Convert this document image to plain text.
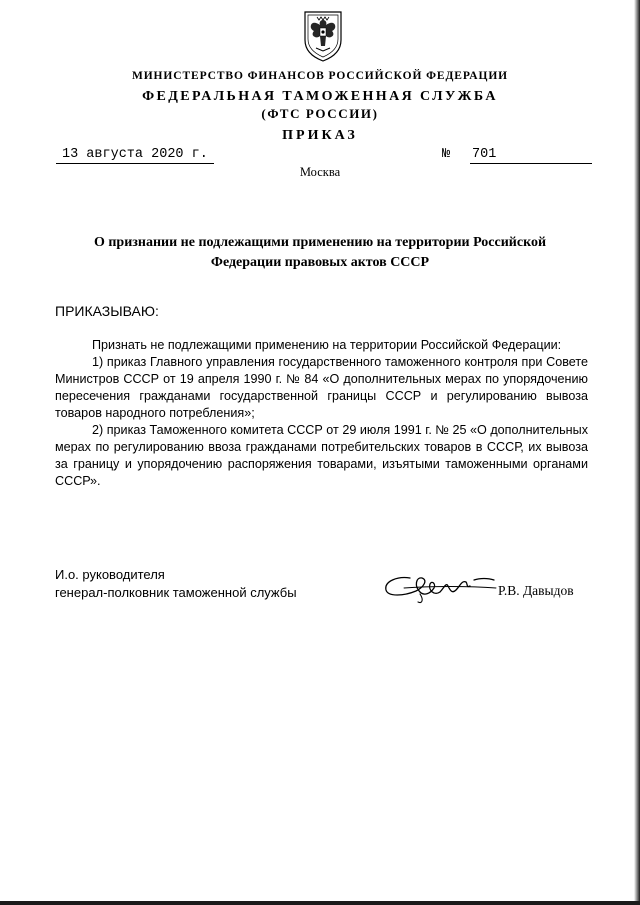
МИНИСТЕРСТВО ФИНАНСОВ РОССИЙСКОЙ ФЕДЕРАЦИИ
ФЕДЕРАЛЬНАЯ ТАМОЖЕННАЯ СЛУЖБА
(ФТС РОССИИ)
ПРИКАЗ
13 августа 2020 г.	№ 701
Москва
О признании не подлежащими применению на территории Российской
Федерации правовых актов СССР
ПРИКАЗЫВАЮ:

Признать не подлежащими применению на территории Российской Федерации:

1) приказ Главного управления государственного таможенного контроля при Совете Министров СССР от 19 апреля 1990 г. № 84 «О дополнительных мерах по упорядочению пересечения гражданами государственной границы СССР и регулированию вывоза товаров народного потребления»;

2) приказ Таможенного комитета СССР от 29 июля 1991 г. № 25 «О дополнительных мерах по регулированию ввоза гражданами потребительских товаров в СССР, их вывоза за границу и упорядочению распоряжения товарами, изъятыми таможенными органами СССР».

И.о. руководителя
генерал-полковник таможенной службы	Р.В. Давыдов
